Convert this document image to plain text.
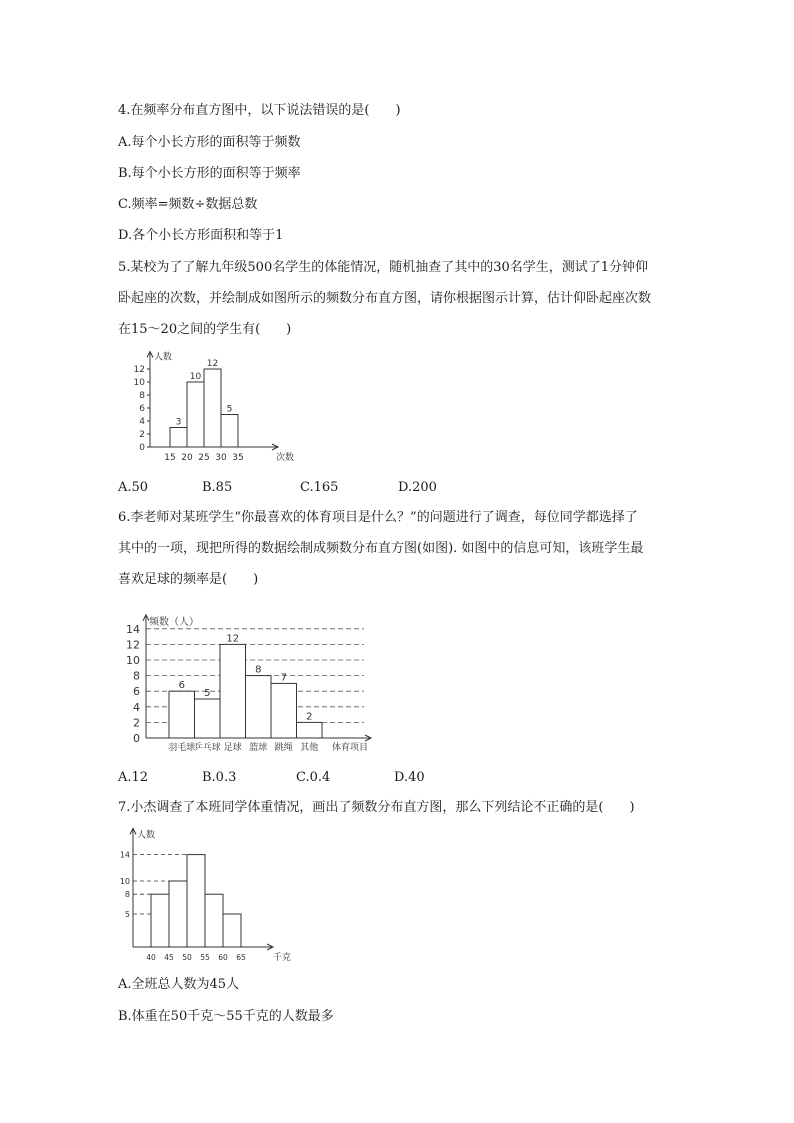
4.在频率分布直方图中，以下说法错误的是(　　)
A.每个小长方形的面积等于频数
B.每个小长方形的面积等于频率
C.频率=频数÷数据总数
D.各个小长方形面积和等于1
5.某校为了了解九年级500名学生的体能情况，随机抽查了其中的30名学生，测试了1分钟仰
卧起座的次数，并绘制成如图所示的频数分布直方图，请你根据图示计算，估计仰卧起座次数
在15～20之间的学生有(　　)
人数
次数
0
2
4
6
8
10
12
15 20 25 30 35
3
10
12
5
A.50	B.85	C.165	D.200
6.李老师对某班学生“你最喜欢的体育项目是什么？”的问题进行了调查，每位同学都选择了
其中的一项，现把所得的数据绘制成频数分布直方图(如图). 如图中的信息可知，该班学生最
喜欢足球的频率是(　　)
频数（人）
体育项目
0
2
4
6
8
10
12
14
6
羽毛球
5
乒乓球
12
足球
8
篮球
7
跳绳
2
其他
A.12	B.0.3	C.0.4	D.40
7.小杰调查了本班同学体重情况，画出了频数分布直方图，那么下列结论不正确的是(　　)
人数
千克
5
8
10
14
40 45 50 55 60 65
A.全班总人数为45人
B.体重在50千克～55千克的人数最多
